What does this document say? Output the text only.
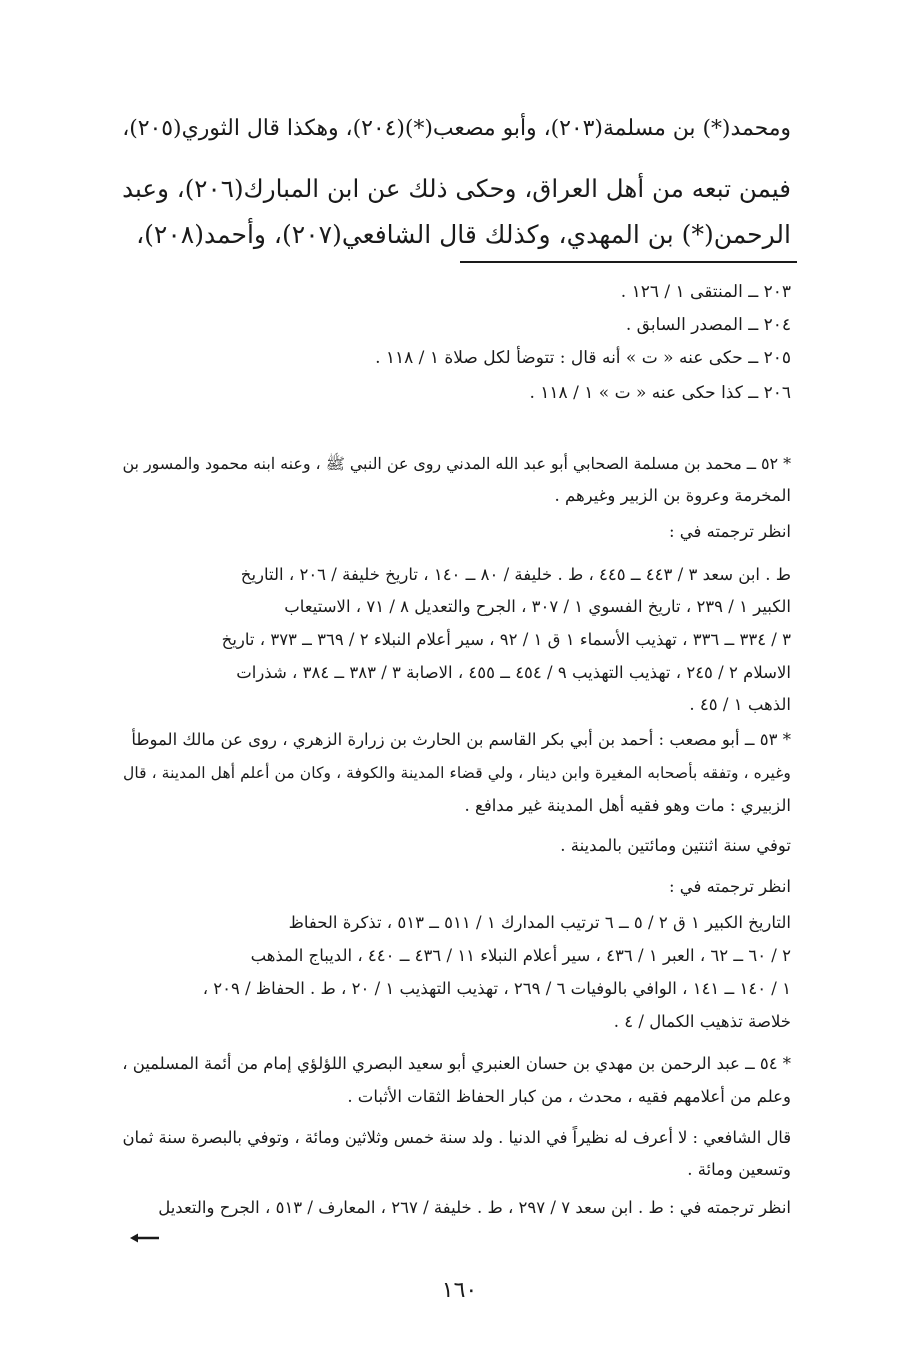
ومحمد(*) بن مسلمة(٢٠٣)، وأبو مصعب(*)(٢٠٤)، وهكذا قال الثوري(٢٠٥)،
فيمن تبعه من أهل العراق، وحكى ذلك عن ابن المبارك(٢٠٦)، وعبد
الرحمن(*) بن المهدي، وكذلك قال الشافعي(٢٠٧)، وأحمد(٢٠٨)،
٢٠٣ ــ المنتقى ١ / ١٢٦ .
٢٠٤ ــ المصدر السابق .
٢٠٥ ــ حكى عنه « ت » أنه قال : تتوضأ لكل صلاة ١ / ١١٨ .
٢٠٦ ــ كذا حكى عنه « ت » ١ / ١١٨ .
* ٥٢ ــ محمد بن مسلمة الصحابي أبو عبد الله المدني روى عن النبي ﷺ ، وعنه ابنه محمود والمسور بن
المخرمة وعروة بن الزبير وغيرهم .
انظر ترجمته في :
ط . ابن سعد ٣ / ٤٤٣ ــ ٤٤٥ ، ط . خليفة / ٨٠ ــ ١٤٠ ، تاريخ خليفة / ٢٠٦ ، التاريخ
الكبير ١ / ٢٣٩ ، تاريخ الفسوي ١ / ٣٠٧ ، الجرح والتعديل ٨ / ٧١ ، الاستيعاب
٣ / ٣٣٤ ــ ٣٣٦ ، تهذيب الأسماء ١ ق ١ / ٩٢ ، سير أعلام النبلاء ٢ / ٣٦٩ ــ ٣٧٣ ، تاريخ
الاسلام ٢ / ٢٤٥ ، تهذيب التهذيب ٩ / ٤٥٤ ــ ٤٥٥ ، الاصابة ٣ / ٣٨٣ ــ ٣٨٤ ، شذرات
الذهب ١ / ٤٥ .
* ٥٣ ــ أبو مصعب : أحمد بن أبي بكر القاسم بن الحارث بن زرارة الزهري ، روى عن مالك الموطأ
وغيره ، وتفقه بأصحابه المغيرة وابن دينار ، ولي قضاء المدينة والكوفة ، وكان من أعلم أهل المدينة ، قال
الزبيري : مات وهو فقيه أهل المدينة غير مدافع .
توفي سنة اثنتين ومائتين بالمدينة .
انظر ترجمته في :
التاريخ الكبير ١ ق ٢ / ٥ ــ ٦ ترتيب المدارك ١ / ٥١١ ــ ٥١٣ ، تذكرة الحفاظ
٢ / ٦٠ ــ ٦٢ ، العبر ١ / ٤٣٦ ، سير أعلام النبلاء ١١ / ٤٣٦ ــ ٤٤٠ ، الديباج المذهب
١ / ١٤٠ ــ ١٤١ ، الوافي بالوفيات ٦ / ٢٦٩ ، تهذيب التهذيب ١ / ٢٠ ، ط . الحفاظ / ٢٠٩ ،
خلاصة تذهيب الكمال / ٤ .
* ٥٤ ــ عبد الرحمن بن مهدي بن حسان العنبري أبو سعيد البصري اللؤلؤي إمام من أئمة المسلمين ،
وعلم من أعلامهم فقيه ، محدث ، من كبار الحفاظ الثقات الأثبات .
قال الشافعي : لا أعرف له نظيراً في الدنيا . ولد سنة خمس وثلاثين ومائة ، وتوفي بالبصرة سنة ثمان
وتسعين ومائة .
انظر ترجمته في : ط . ابن سعد ٧ / ٢٩٧ ، ط . خليفة / ٢٦٧ ، المعارف / ٥١٣ ، الجرح والتعديل
١٦٠
